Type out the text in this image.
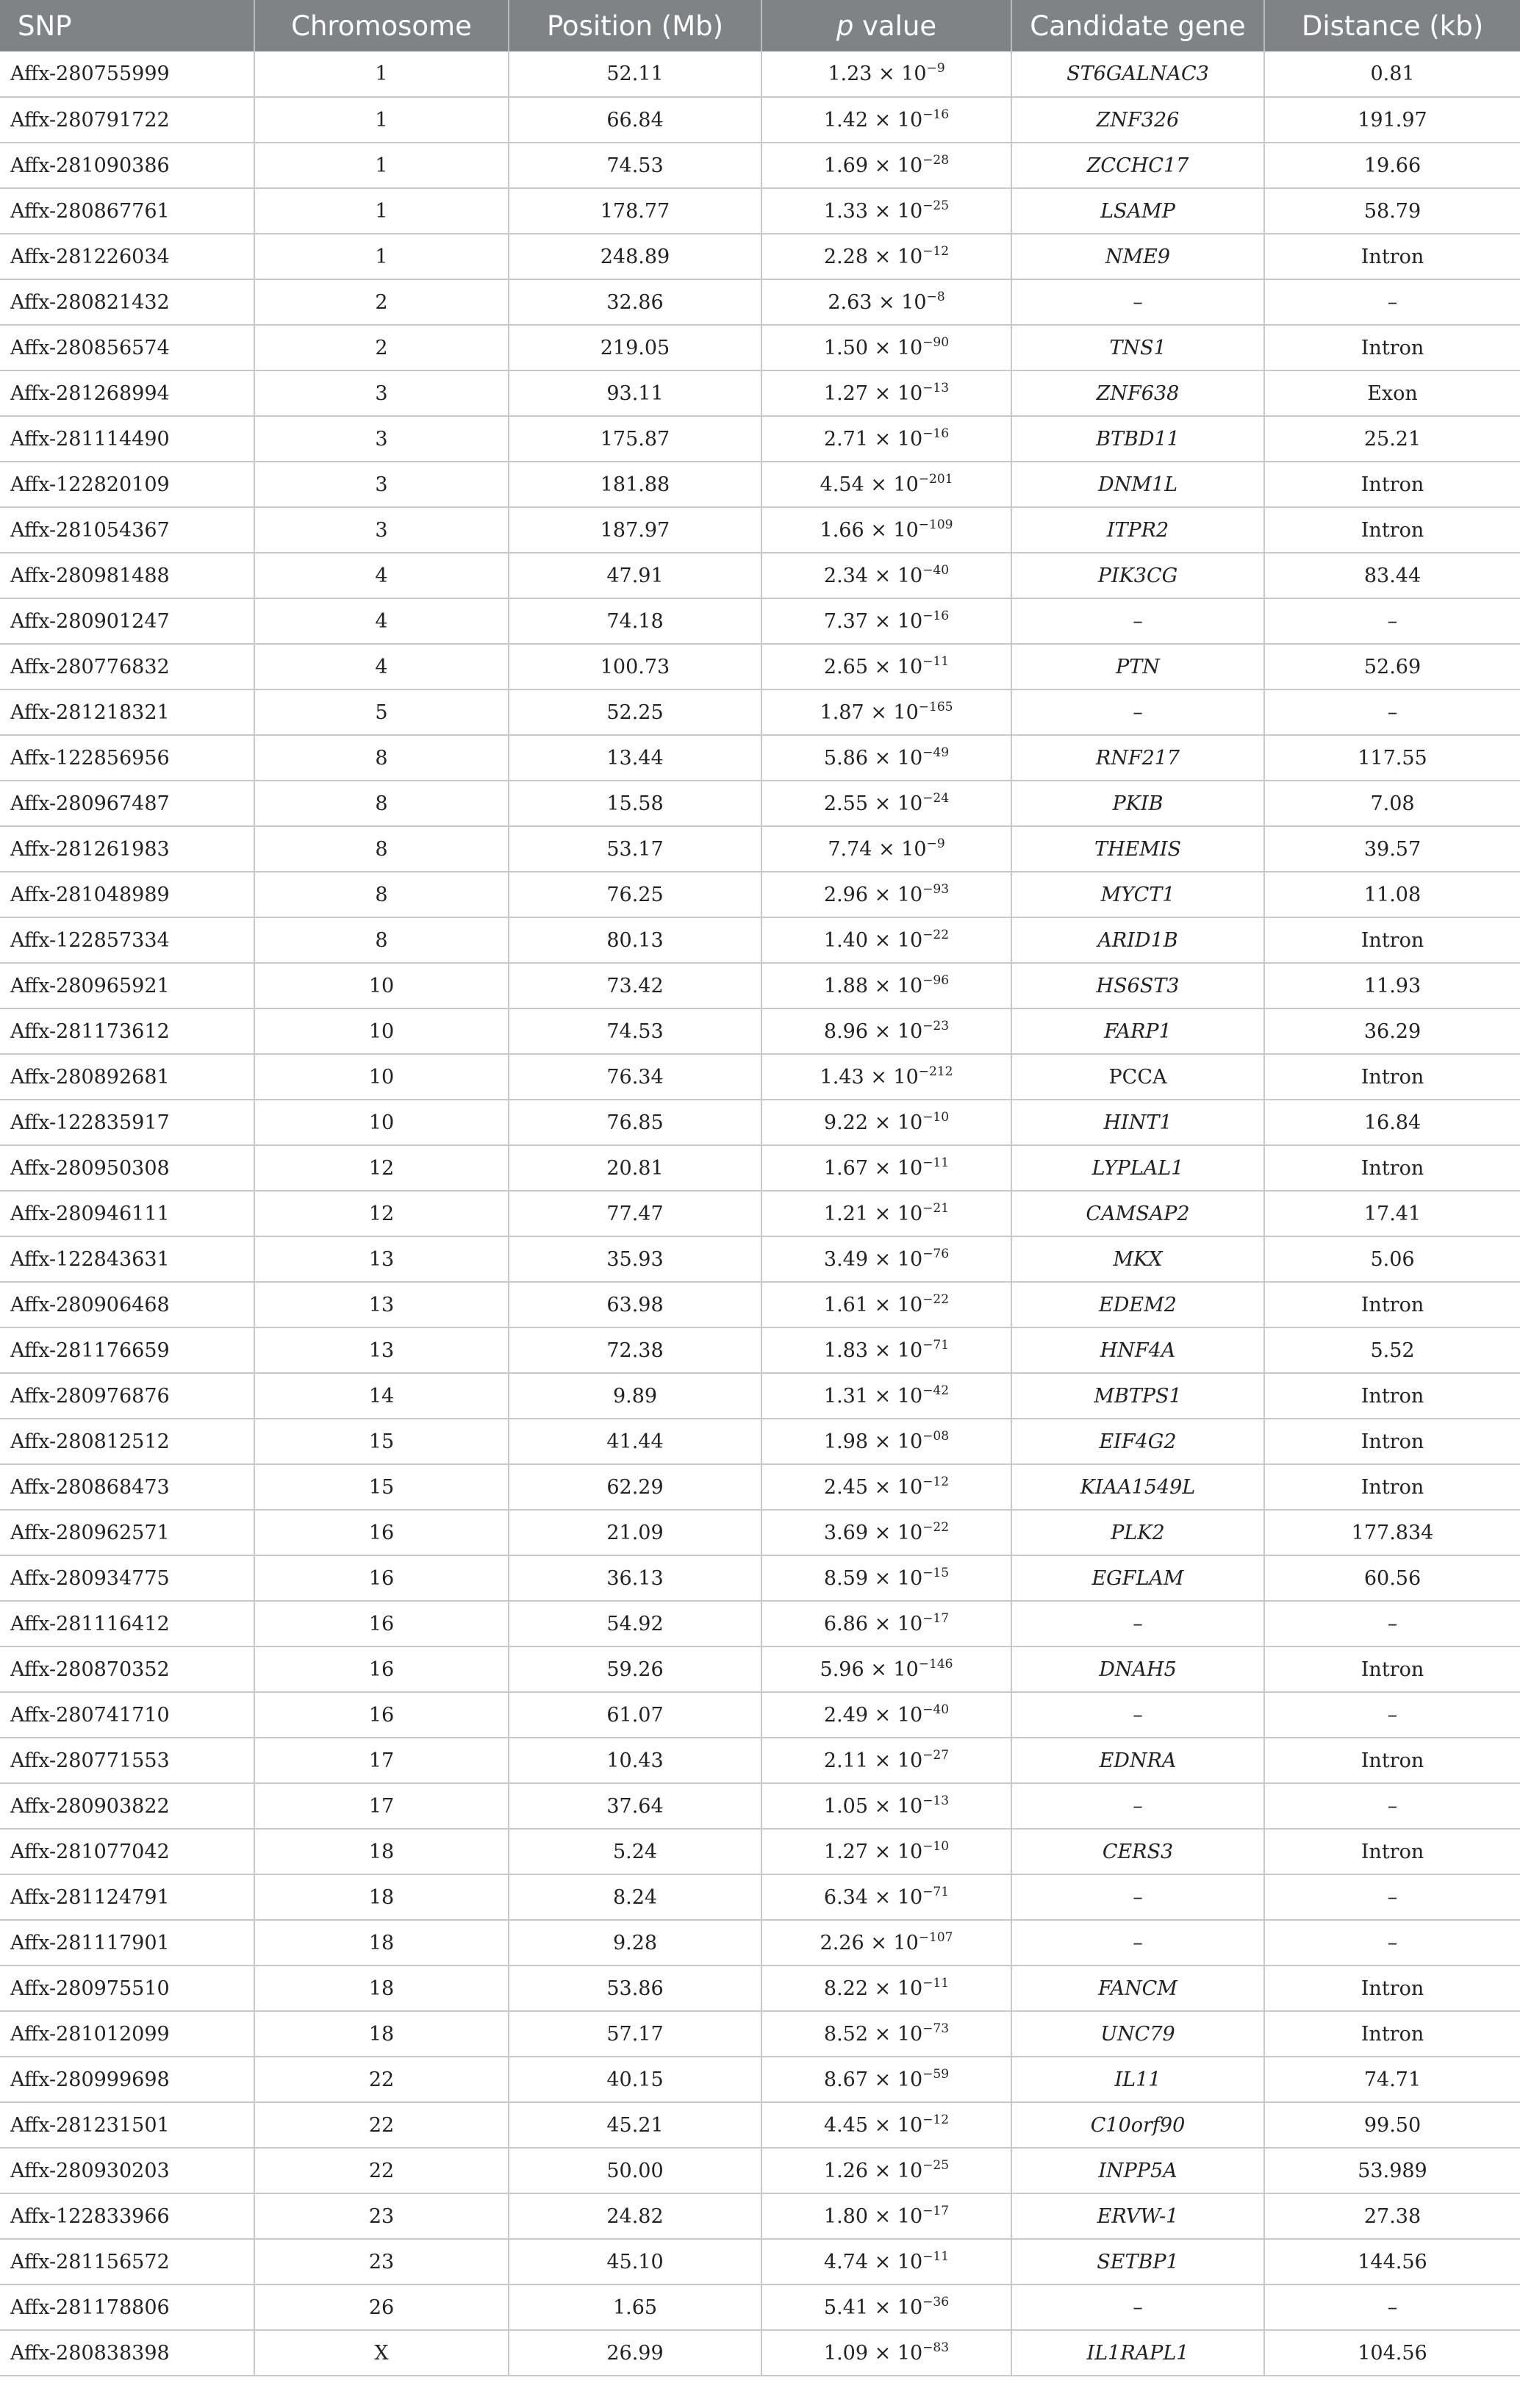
SNP	Chromosome	Position (Mb)	p value	Candidate gene	Distance (kb)
Affx-280755999	1	52.11	$1.23 \times 10^{-9}$	ST6GALNAC3	0.81
Affx-280791722	1	66.84	$1.42 \times 10^{-16}$	ZNF326	191.97
Affx-281090386	1	74.53	$1.69 \times 10^{-28}$	ZCCHC17	19.66
Affx-280867761	1	178.77	$1.33 \times 10^{-25}$	LSAMP	58.79
Affx-281226034	1	248.89	$2.28 \times 10^{-12}$	NME9	Intron
Affx-280821432	2	32.86	$2.63 \times 10^{-8}$	–	–
Affx-280856574	2	219.05	$1.50 \times 10^{-90}$	TNS1	Intron
Affx-281268994	3	93.11	$1.27 \times 10^{-13}$	ZNF638	Exon
Affx-281114490	3	175.87	$2.71 \times 10^{-16}$	BTBD11	25.21
Affx-122820109	3	181.88	$4.54 \times 10^{-201}$	DNM1L	Intron
Affx-281054367	3	187.97	$1.66 \times 10^{-109}$	ITPR2	Intron
Affx-280981488	4	47.91	$2.34 \times 10^{-40}$	PIK3CG	83.44
Affx-280901247	4	74.18	$7.37 \times 10^{-16}$	–	–
Affx-280776832	4	100.73	$2.65 \times 10^{-11}$	PTN	52.69
Affx-281218321	5	52.25	$1.87 \times 10^{-165}$	–	–
Affx-122856956	8	13.44	$5.86 \times 10^{-49}$	RNF217	117.55
Affx-280967487	8	15.58	$2.55 \times 10^{-24}$	PKIB	7.08
Affx-281261983	8	53.17	$7.74 \times 10^{-9}$	THEMIS	39.57
Affx-281048989	8	76.25	$2.96 \times 10^{-93}$	MYCT1	11.08
Affx-122857334	8	80.13	$1.40 \times 10^{-22}$	ARID1B	Intron
Affx-280965921	10	73.42	$1.88 \times 10^{-96}$	HS6ST3	11.93
Affx-281173612	10	74.53	$8.96 \times 10^{-23}$	FARP1	36.29
Affx-280892681	10	76.34	$1.43 \times 10^{-212}$	PCCA	Intron
Affx-122835917	10	76.85	$9.22 \times 10^{-10}$	HINT1	16.84
Affx-280950308	12	20.81	$1.67 \times 10^{-11}$	LYPLAL1	Intron
Affx-280946111	12	77.47	$1.21 \times 10^{-21}$	CAMSAP2	17.41
Affx-122843631	13	35.93	$3.49 \times 10^{-76}$	MKX	5.06
Affx-280906468	13	63.98	$1.61 \times 10^{-22}$	EDEM2	Intron
Affx-281176659	13	72.38	$1.83 \times 10^{-71}$	HNF4A	5.52
Affx-280976876	14	9.89	$1.31 \times 10^{-42}$	MBTPS1	Intron
Affx-280812512	15	41.44	$1.98 \times 10^{-08}$	EIF4G2	Intron
Affx-280868473	15	62.29	$2.45 \times 10^{-12}$	KIAA1549L	Intron
Affx-280962571	16	21.09	$3.69 \times 10^{-22}$	PLK2	177.834
Affx-280934775	16	36.13	$8.59 \times 10^{-15}$	EGFLAM	60.56
Affx-281116412	16	54.92	$6.86 \times 10^{-17}$	–	–
Affx-280870352	16	59.26	$5.96 \times 10^{-146}$	DNAH5	Intron
Affx-280741710	16	61.07	$2.49 \times 10^{-40}$	–	–
Affx-280771553	17	10.43	$2.11 \times 10^{-27}$	EDNRA	Intron
Affx-280903822	17	37.64	$1.05 \times 10^{-13}$	–	–
Affx-281077042	18	5.24	$1.27 \times 10^{-10}$	CERS3	Intron
Affx-281124791	18	8.24	$6.34 \times 10^{-71}$	–	–
Affx-281117901	18	9.28	$2.26 \times 10^{-107}$	–	–
Affx-280975510	18	53.86	$8.22 \times 10^{-11}$	FANCM	Intron
Affx-281012099	18	57.17	$8.52 \times 10^{-73}$	UNC79	Intron
Affx-280999698	22	40.15	$8.67 \times 10^{-59}$	IL11	74.71
Affx-281231501	22	45.21	$4.45 \times 10^{-12}$	C10orf90	99.50
Affx-280930203	22	50.00	$1.26 \times 10^{-25}$	INPP5A	53.989
Affx-122833966	23	24.82	$1.80 \times 10^{-17}$	ERVW-1	27.38
Affx-281156572	23	45.10	$4.74 \times 10^{-11}$	SETBP1	144.56
Affx-281178806	26	1.65	$5.41 \times 10^{-36}$	–	–
Affx-280838398	X	26.99	$1.09 \times 10^{-83}$	IL1RAPL1	104.56
